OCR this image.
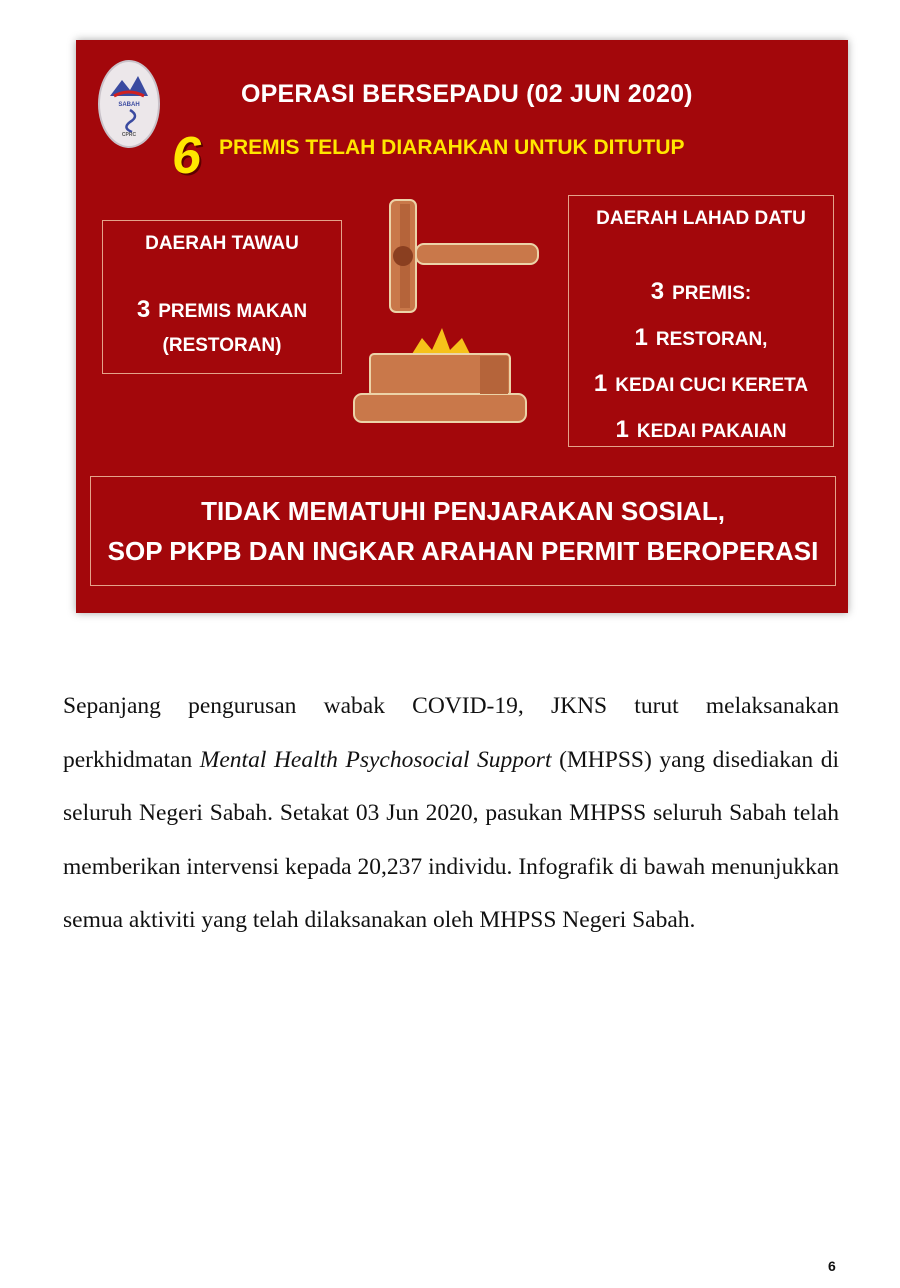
SABAH
CPRC
OPERASI BERSEPADU (02 JUN 2020)
6 PREMIS TELAH DIARAHKAN UNTUK DITUTUP
DAERAH TAWAU
3 PREMIS MAKAN
(RESTORAN)
DAERAH LAHAD DATU
3 PREMIS:
1 RESTORAN,
1 KEDAI CUCI KERETA
1 KEDAI PAKAIAN
TIDAK MEMATUHI PENJARAKAN SOSIAL,
SOP PKPB DAN INGKAR ARAHAN PERMIT BEROPERASI
Sepanjang pengurusan wabak COVID-19, JKNS turut melaksanakan perkhidmatan Mental Health Psychosocial Support (MHPSS) yang disediakan di seluruh Negeri Sabah. Setakat 03 Jun 2020, pasukan MHPSS seluruh Sabah telah memberikan intervensi kepada 20,237 individu. Infografik di bawah menunjukkan semua aktiviti yang telah dilaksanakan oleh MHPSS Negeri Sabah.
6
